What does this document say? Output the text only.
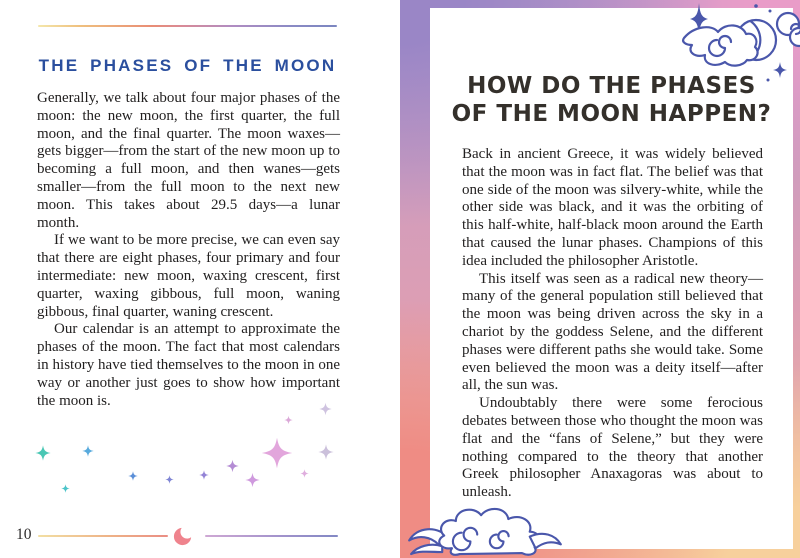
THE PHASES OF THE MOON

Generally, we talk about four major phases of the moon: the new moon, the first quarter, the full moon, and the final quarter. The moon waxes—gets bigger—from the start of the new moon up to becoming a full moon, and then wanes—gets smaller—from the full moon to the next new moon. This takes about 29.5 days—a lunar month.

If we want to be more precise, we can even say that there are eight phases, four primary and four intermediate: new moon, waxing crescent, first quarter, waxing gibbous, full moon, waning gibbous, final quarter, waning crescent.

Our calendar is an attempt to approximate the phases of the moon. The fact that most calendars in history have tied themselves to the moon in one way or another just goes to show how important the moon is.

10
HOW DO THE PHASES
OF THE MOON HAPPEN?

Back in ancient Greece, it was widely believed that the moon was in fact flat. The belief was that one side of the moon was silvery-white, while the other side was black, and it was the orbiting of this half-white, half-black moon around the Earth that caused the lunar phases. Champions of this idea included the philosopher Aristotle.

This itself was seen as a radical new theory—many of the general population still believed that the moon was being driven across the sky in a chariot by the goddess Selene, and the different phases were different paths she would take. Some even believed the moon was a deity itself—after all, the sun was.

Undoubtably there were some ferocious debates between those who thought the moon was flat and the “fans of Selene,” but they were nothing compared to the theory that another Greek philosopher Anaxagoras was about to unleash.
